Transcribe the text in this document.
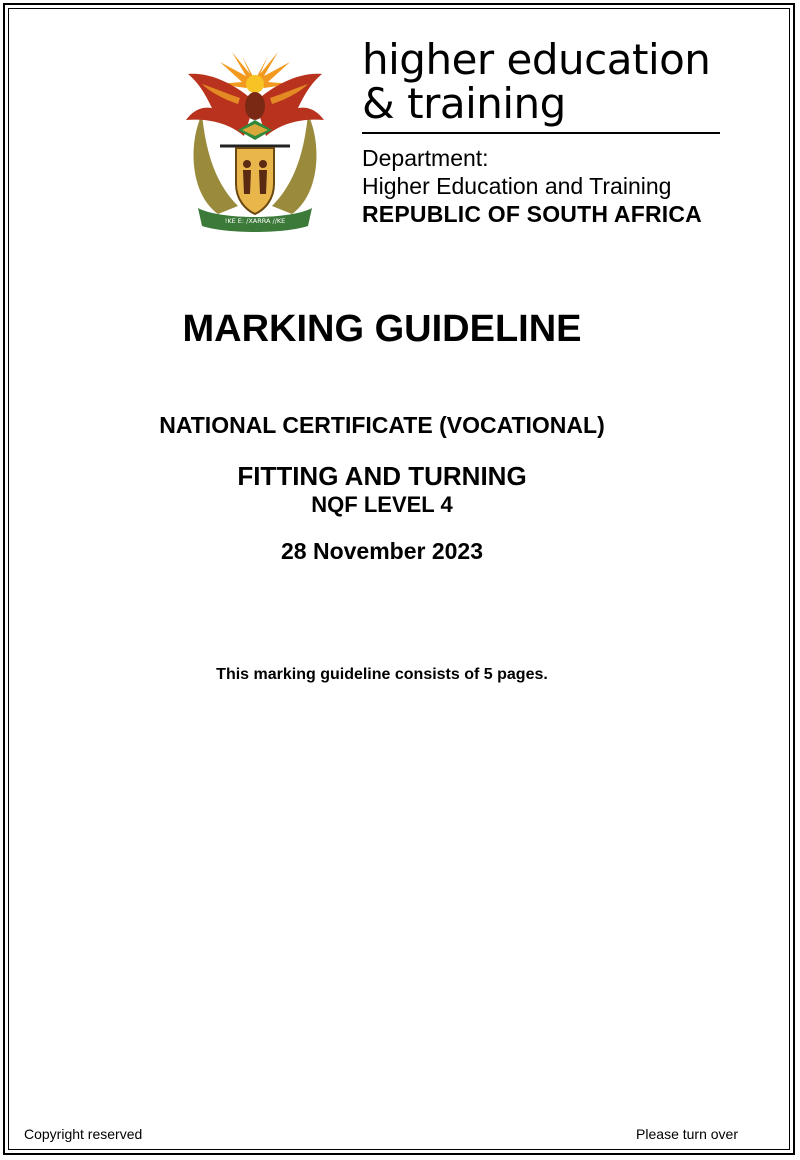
!KE E: /XARRA //KE
higher education
& training
Department:
Higher Education and Training
REPUBLIC OF SOUTH AFRICA
MARKING GUIDELINE
NATIONAL CERTIFICATE (VOCATIONAL)
FITTING AND TURNING
NQF LEVEL 4
28 November 2023
This marking guideline consists of 5 pages.
Copyright reserved	Please turn over
